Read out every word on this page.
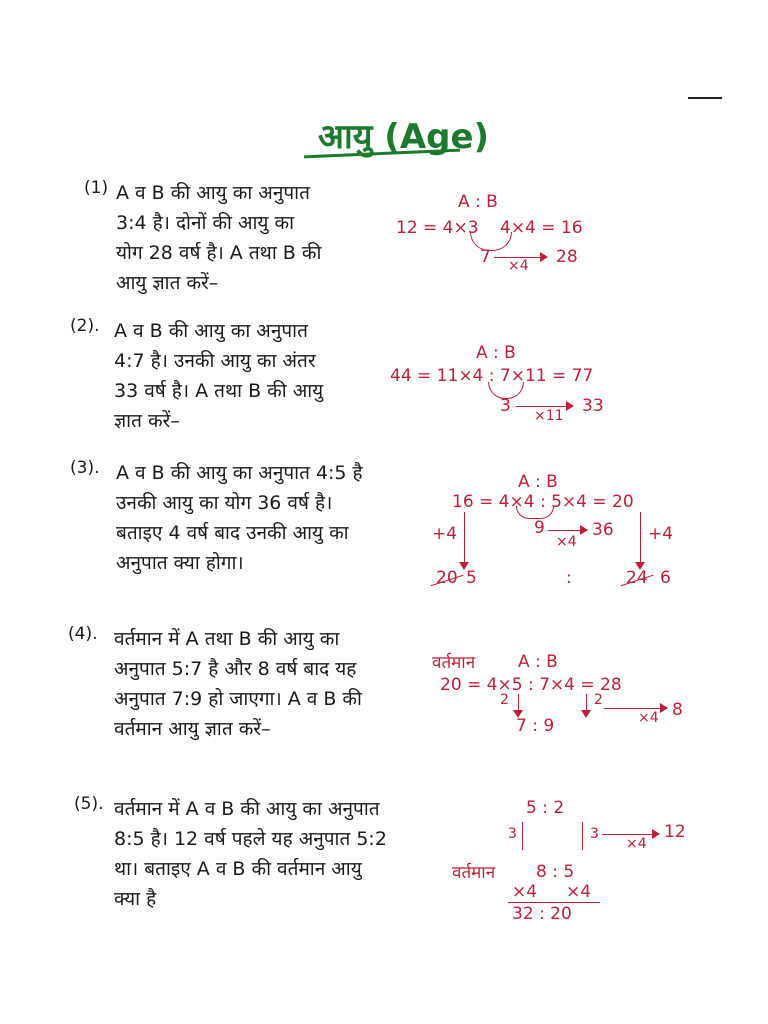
आयु (Age)
(1) A व B की आयु का अनुपात
3:4 है। दोनों की आयु का
योग 28 वर्ष है। A तथा B की
आयु ज्ञात करें–
A : B
12 = 4×3 4×4 = 16
7 ×4 28
(2). A व B की आयु का अनुपात
4:7 है। उनकी आयु का अंतर
33 वर्ष है। A तथा B की आयु
ज्ञात करें–
A : B
44 = 11×4 : 7×11 = 77
3 ×11 33
(3). A व B की आयु का अनुपात 4:5 है
उनकी आयु का योग 36 वर्ष है।
बताइए 4 वर्ष बाद उनकी आयु का
अनुपात क्या होगा।
A : B
16 = 4×4 : 5×4 = 20
+4	9
×4
36 +4
20 5	:	24 6
(4). वर्तमान में A तथा B की आयु का
अनुपात 5:7 है और 8 वर्ष बाद यह
अनुपात 7:9 हो जाएगा। A व B की
वर्तमान आयु ज्ञात करें–
वर्तमान	A : B
20 = 4×5 : 7×4 = 28
2	2
×4 8
7 : 9
(5). वर्तमान में A व B की आयु का अनुपात
8:5 है। 12 वर्ष पहले यह अनुपात 5:2
था। बताइए A व B की वर्तमान आयु
क्या है
5 : 2
3	3
×4
12
वर्तमान 8 : 5
×4 ×4
32 : 20
